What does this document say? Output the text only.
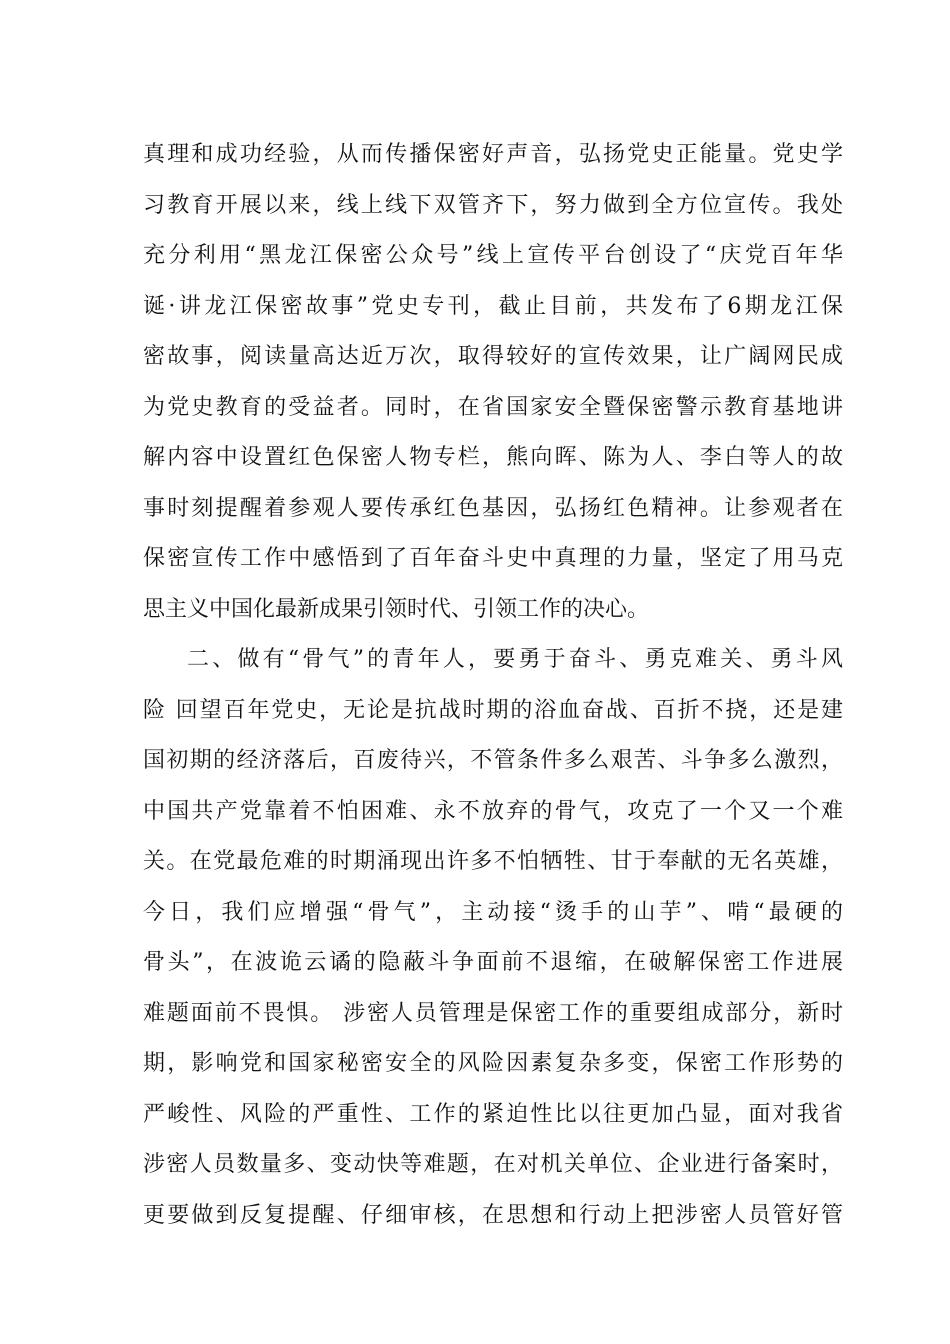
真理和成功经验，从而传播保密好声音，弘扬党史正能量。党史学
习教育开展以来，线上线下双管齐下，努力做到全方位宣传。我处
充分利用“黑龙江保密公众号”线上宣传平台创设了“庆党百年华
诞·讲龙江保密故事”党史专刊，截止目前，共发布了6期龙江保
密故事，阅读量高达近万次，取得较好的宣传效果，让广阔网民成
为党史教育的受益者。同时，在省国家安全暨保密警示教育基地讲
解内容中设置红色保密人物专栏，熊向晖、陈为人、李白等人的故
事时刻提醒着参观人要传承红色基因，弘扬红色精神。让参观者在
保密宣传工作中感悟到了百年奋斗史中真理的力量，坚定了用马克
思主义中国化最新成果引领时代、引领工作的决心。
二、做有“骨气”的青年人，要勇于奋斗、勇克难关、勇斗风
险 回望百年党史，无论是抗战时期的浴血奋战、百折不挠，还是建
国初期的经济落后，百废待兴，不管条件多么艰苦、斗争多么激烈，
中国共产党靠着不怕困难、永不放弃的骨气，攻克了一个又一个难
关。在党最危难的时期涌现出许多不怕牺牲、甘于奉献的无名英雄，
今日，我们应增强“骨气”，主动接“烫手的山芋”、啃“最硬的
骨头”，在波诡云谲的隐蔽斗争面前不退缩，在破解保密工作进展
难题面前不畏惧。 涉密人员管理是保密工作的重要组成部分，新时
期，影响党和国家秘密安全的风险因素复杂多变，保密工作形势的
严峻性、风险的严重性、工作的紧迫性比以往更加凸显，面对我省
涉密人员数量多、变动快等难题，在对机关单位、企业进行备案时，
更要做到反复提醒、仔细审核，在思想和行动上把涉密人员管好管
